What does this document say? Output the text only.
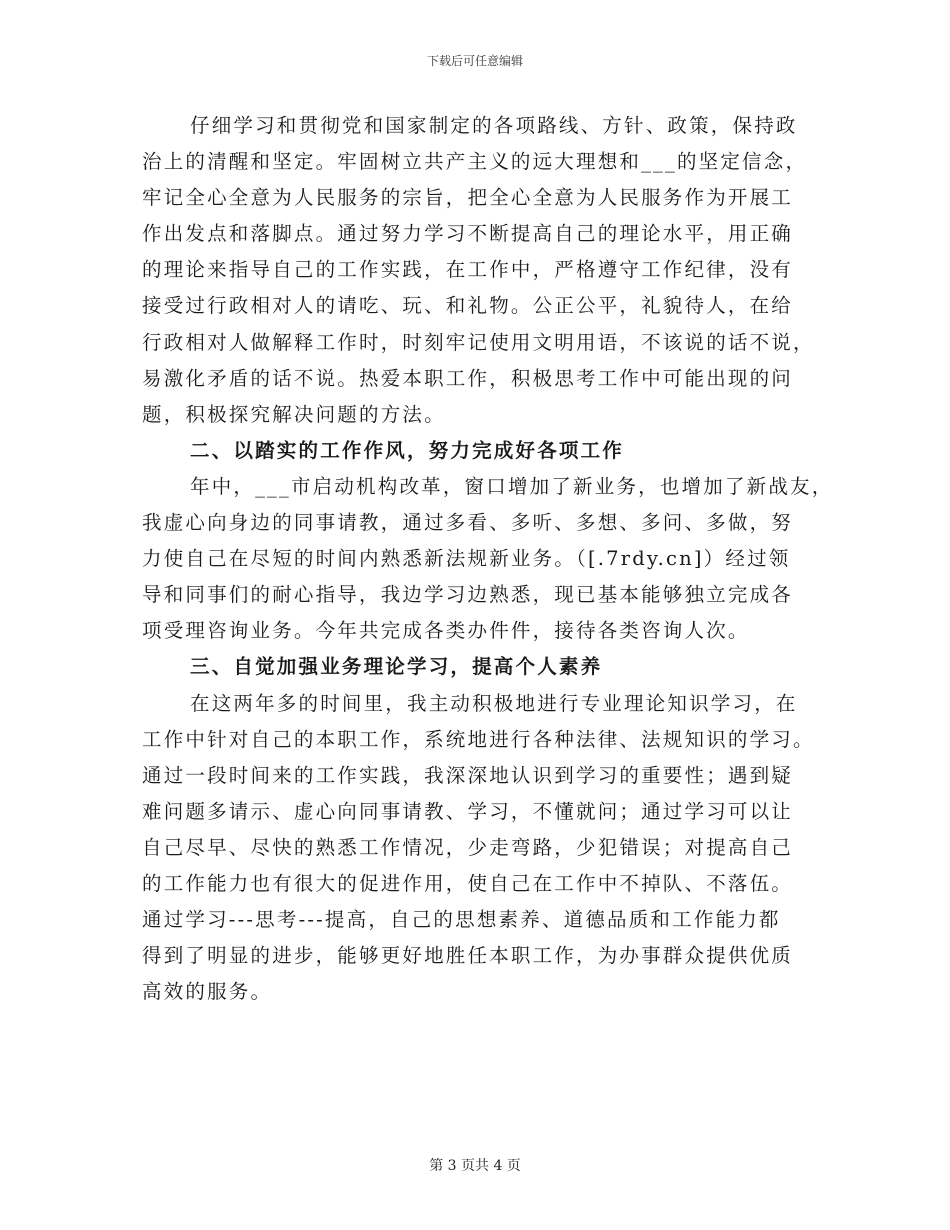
下载后可任意编辑
仔细学习和贯彻党和国家制定的各项路线、方针、政策，保持政
治上的清醒和坚定。牢固树立共产主义的远大理想和___的坚定信念，
牢记全心全意为人民服务的宗旨，把全心全意为人民服务作为开展工
作出发点和落脚点。通过努力学习不断提高自己的理论水平，用正确
的理论来指导自己的工作实践，在工作中，严格遵守工作纪律，没有
接受过行政相对人的请吃、玩、和礼物。公正公平，礼貌待人，在给
行政相对人做解释工作时，时刻牢记使用文明用语，不该说的话不说，
易激化矛盾的话不说。热爱本职工作，积极思考工作中可能出现的问
题，积极探究解决问题的方法。
二、以踏实的工作作风，努力完成好各项工作
年中，___市启动机构改革，窗口增加了新业务，也增加了新战友，
我虚心向身边的同事请教，通过多看、多听、多想、多问、多做，努
力使自己在尽短的时间内熟悉新法规新业务。（[.7rdy.cn]）经过领
导和同事们的耐心指导，我边学习边熟悉，现已基本能够独立完成各
项受理咨询业务。今年共完成各类办件件，接待各类咨询人次。
三、自觉加强业务理论学习，提高个人素养
在这两年多的时间里，我主动积极地进行专业理论知识学习，在
工作中针对自己的本职工作，系统地进行各种法律、法规知识的学习。
通过一段时间来的工作实践，我深深地认识到学习的重要性；遇到疑
难问题多请示、虚心向同事请教、学习，不懂就问；通过学习可以让
自己尽早、尽快的熟悉工作情况，少走弯路，少犯错误；对提高自己
的工作能力也有很大的促进作用，使自己在工作中不掉队、不落伍。
通过学习---思考---提高，自己的思想素养、道德品质和工作能力都
得到了明显的进步，能够更好地胜任本职工作，为办事群众提供优质
高效的服务。
第 3 页共 4 页
